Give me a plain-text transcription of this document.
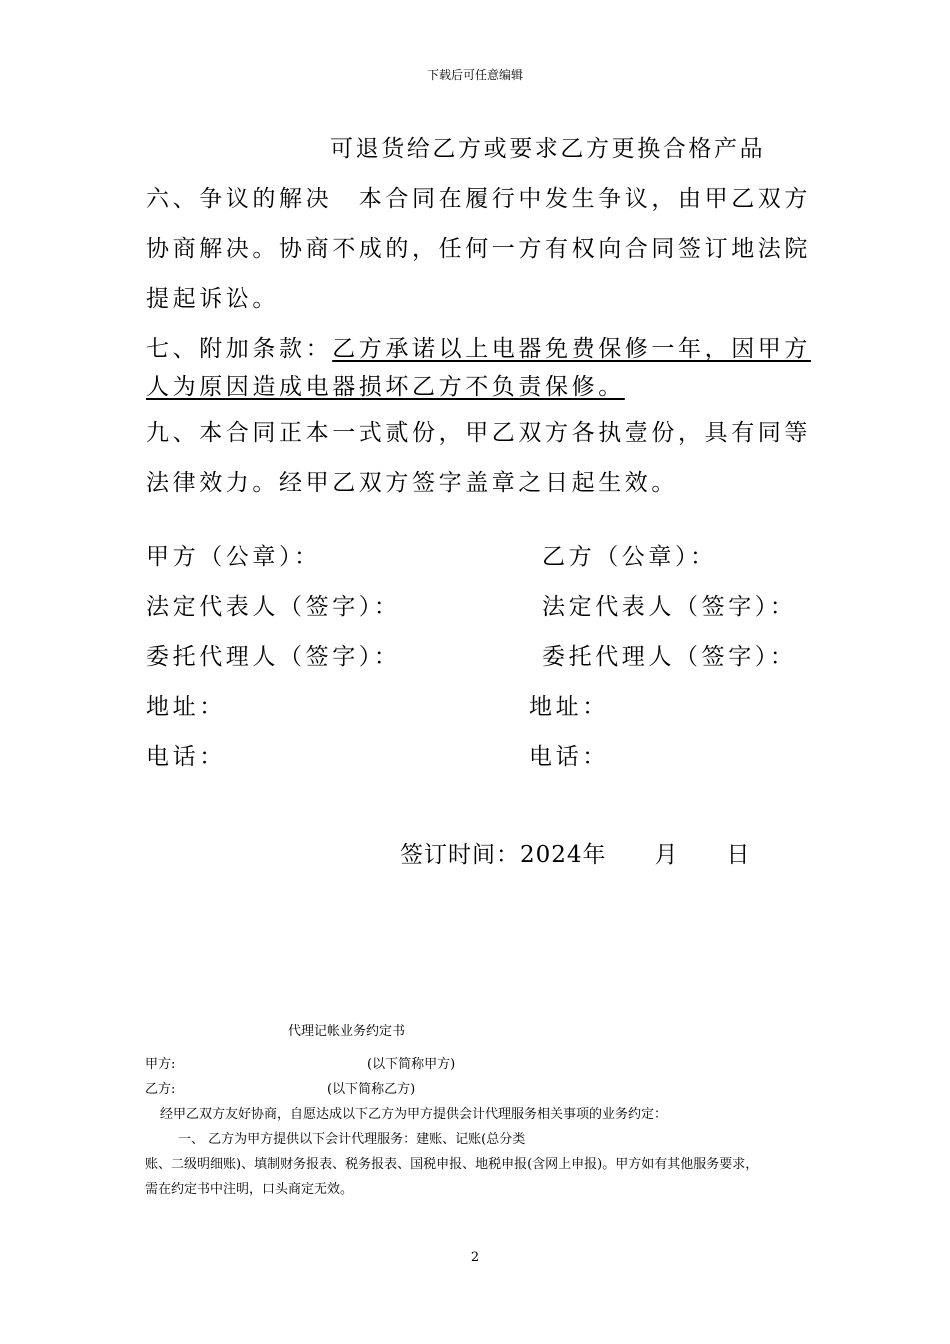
下载后可任意编辑
可退货给乙方或要求乙方更换合格产品
六、争议的解决　本合同在履行中发生争议，由甲乙双方
协商解决。协商不成的，任何一方有权向合同签订地法院
提起诉讼。
七、附加条款：乙方承诺以上电器免费保修一年，因甲方
人为原因造成电器损坏乙方不负责保修。
九、本合同正本一式贰份，甲乙双方各执壹份，具有同等
法律效力。经甲乙双方签字盖章之日起生效。
甲方（公章）：	乙方（公章）：
法定代表人（签字）：	法定代表人（签字）：
委托代理人（签字）：	委托代理人（签字）：
地址：	地址：
电话：	电话：
签订时间：2024年　　月　　日
代理记帐业务约定书
甲方:	(以下简称甲方)
乙方:	(以下简称乙方)
经甲乙双方友好协商，自愿达成以下乙方为甲方提供会计代理服务相关事项的业务约定：
一、 乙方为甲方提供以下会计代理服务：建账、记账(总分类
账、二级明细账)、填制财务报表、税务报表、国税申报、地税申报(含网上申报)。甲方如有其他服务要求，
需在约定书中注明，口头商定无效。
2
